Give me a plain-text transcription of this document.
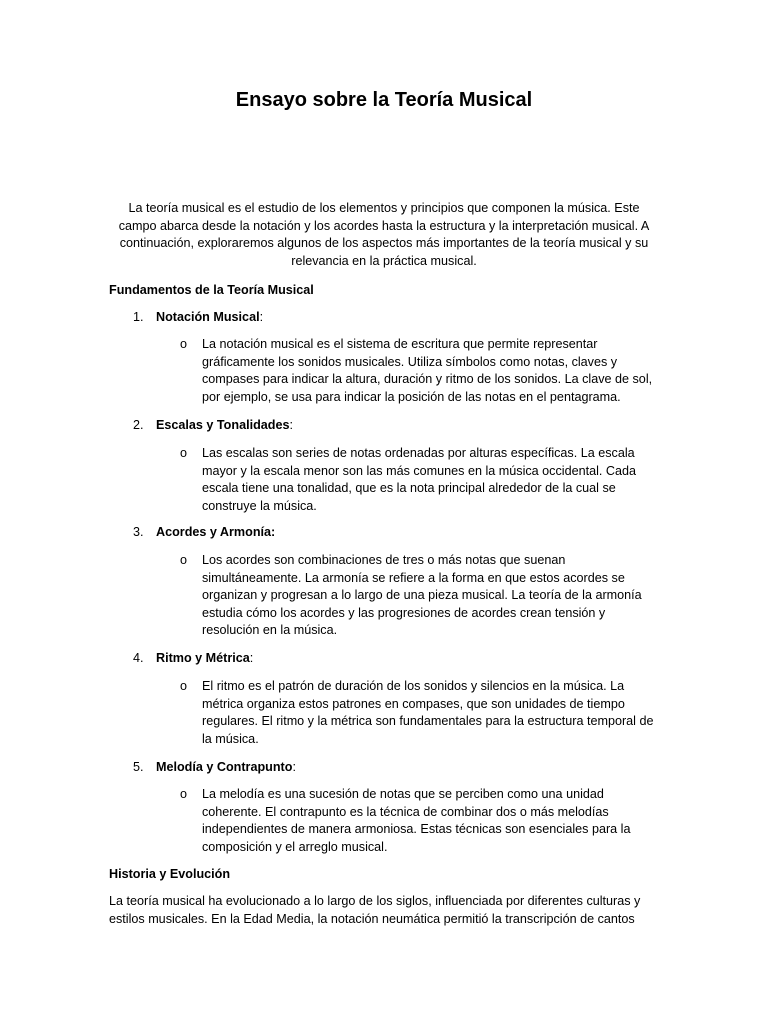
Ensayo sobre la Teoría Musical
La teoría musical es el estudio de los elementos y principios que componen la música. Este campo abarca desde la notación y los acordes hasta la estructura y la interpretación musical. A continuación, exploraremos algunos de los aspectos más importantes de la teoría musical y su relevancia en la práctica musical.
Fundamentos de la Teoría Musical
1. Notación Musical:
o La notación musical es el sistema de escritura que permite representar gráficamente los sonidos musicales. Utiliza símbolos como notas, claves y compases para indicar la altura, duración y ritmo de los sonidos. La clave de sol, por ejemplo, se usa para indicar la posición de las notas en el pentagrama.
2. Escalas y Tonalidades:
o Las escalas son series de notas ordenadas por alturas específicas. La escala mayor y la escala menor son las más comunes en la música occidental. Cada escala tiene una tonalidad, que es la nota principal alrededor de la cual se construye la música.
3. Acordes y Armonía:
o Los acordes son combinaciones de tres o más notas que suenan simultáneamente. La armonía se refiere a la forma en que estos acordes se organizan y progresan a lo largo de una pieza musical. La teoría de la armonía estudia cómo los acordes y las progresiones de acordes crean tensión y resolución en la música.
4. Ritmo y Métrica:
o El ritmo es el patrón de duración de los sonidos y silencios en la música. La métrica organiza estos patrones en compases, que son unidades de tiempo regulares. El ritmo y la métrica son fundamentales para la estructura temporal de la música.
5. Melodía y Contrapunto:
o La melodía es una sucesión de notas que se perciben como una unidad coherente. El contrapunto es la técnica de combinar dos o más melodías independientes de manera armoniosa. Estas técnicas son esenciales para la composición y el arreglo musical.
Historia y Evolución
La teoría musical ha evolucionado a lo largo de los siglos, influenciada por diferentes culturas y estilos musicales. En la Edad Media, la notación neumática permitió la transcripción de cantos
